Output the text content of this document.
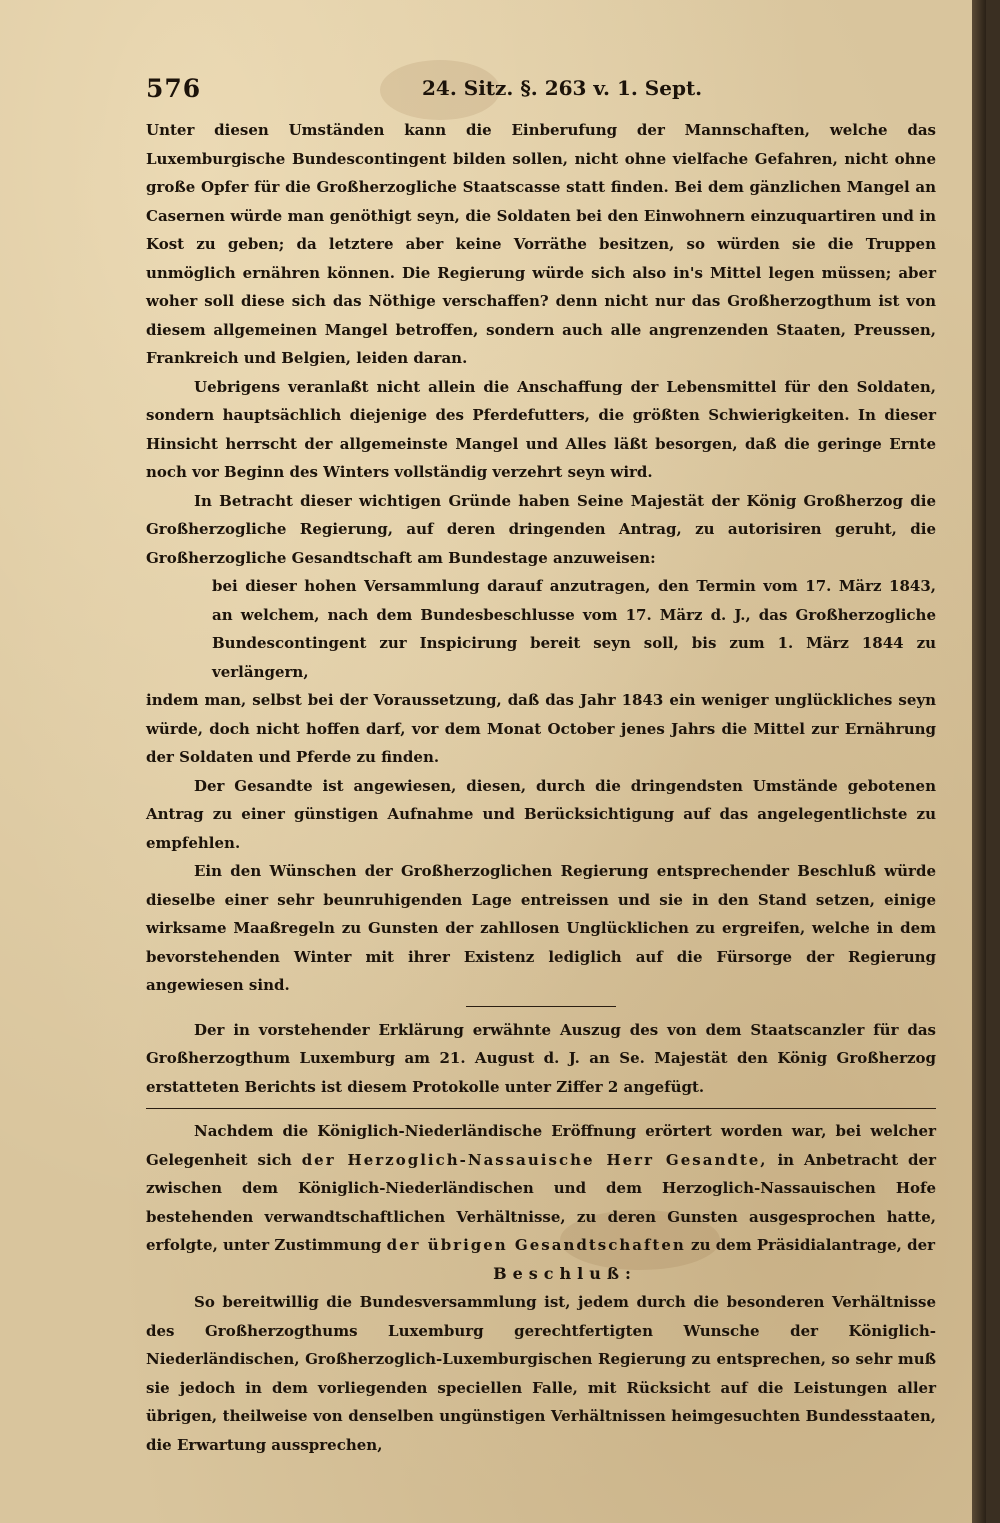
576	24. Sitz. §. 263 v. 1. Sept.

Unter diesen Umständen kann die Einberufung der Mannschaften, welche das Luxemburgische Bundescontingent bilden sollen, nicht ohne vielfache Gefahren, nicht ohne große Opfer für die Großherzogliche Staatscasse statt finden. Bei dem gänzlichen Mangel an Casernen würde man genöthigt seyn, die Soldaten bei den Einwohnern einzuquartiren und in Kost zu geben; da letztere aber keine Vorräthe besitzen, so würden sie die Truppen unmöglich ernähren können. Die Regierung würde sich also in's Mittel legen müssen; aber woher soll diese sich das Nöthige verschaffen? denn nicht nur das Großherzogthum ist von diesem allgemeinen Mangel betroffen, sondern auch alle angrenzenden Staaten, Preussen, Frankreich und Belgien, leiden daran.

Uebrigens veranlaßt nicht allein die Anschaffung der Lebensmittel für den Soldaten, sondern hauptsächlich diejenige des Pferdefutters, die größten Schwierigkeiten. In dieser Hinsicht herrscht der allgemeinste Mangel und Alles läßt besorgen, daß die geringe Ernte noch vor Beginn des Winters vollständig verzehrt seyn wird.

In Betracht dieser wichtigen Gründe haben Seine Majestät der König Großherzog die Großherzogliche Regierung, auf deren dringenden Antrag, zu autorisiren geruht, die Großherzogliche Gesandtschaft am Bundestage anzuweisen:

bei dieser hohen Versammlung darauf anzutragen, den Termin vom 17. März 1843, an welchem, nach dem Bundesbeschlusse vom 17. März d. J., das Großherzogliche Bundescontingent zur Inspicirung bereit seyn soll, bis zum 1. März 1844 zu verlängern,

indem man, selbst bei der Voraussetzung, daß das Jahr 1843 ein weniger unglückliches seyn würde, doch nicht hoffen darf, vor dem Monat October jenes Jahrs die Mittel zur Ernährung der Soldaten und Pferde zu finden.

Der Gesandte ist angewiesen, diesen, durch die dringendsten Umstände gebotenen Antrag zu einer günstigen Aufnahme und Berücksichtigung auf das angelegentlichste zu empfehlen.

Ein den Wünschen der Großherzoglichen Regierung entsprechender Beschluß würde dieselbe einer sehr beunruhigenden Lage entreissen und sie in den Stand setzen, einige wirksame Maaßregeln zu Gunsten der zahllosen Unglücklichen zu ergreifen, welche in dem bevorstehenden Winter mit ihrer Existenz lediglich auf die Fürsorge der Regierung angewiesen sind.

Der in vorstehender Erklärung erwähnte Auszug des von dem Staatscanzler für das Großherzogthum Luxemburg am 21. August d. J. an Se. Majestät den König Großherzog erstatteten Berichts ist diesem Protokolle unter Ziffer 2 angefügt.

Nachdem die Königlich-Niederländische Eröffnung erörtert worden war, bei welcher Gelegenheit sich der Herzoglich-Nassauische Herr Gesandte, in Anbetracht der zwischen dem Königlich-Niederländischen und dem Herzoglich-Nassauischen Hofe bestehenden verwandtschaftlichen Verhältnisse, zu deren Gunsten ausgesprochen hatte, erfolgte, unter Zustimmung der übrigen Gesandtschaften zu dem Präsidialantrage, der

Beschluß:

So bereitwillig die Bundesversammlung ist, jedem durch die besonderen Verhältnisse des Großherzogthums Luxemburg gerechtfertigten Wunsche der Königlich-Niederländischen, Großherzoglich-Luxemburgischen Regierung zu entsprechen, so sehr muß sie jedoch in dem vorliegenden speciellen Falle, mit Rücksicht auf die Leistungen aller übrigen, theilweise von denselben ungünstigen Verhältnissen heimgesuchten Bundesstaaten, die Erwartung aussprechen,
